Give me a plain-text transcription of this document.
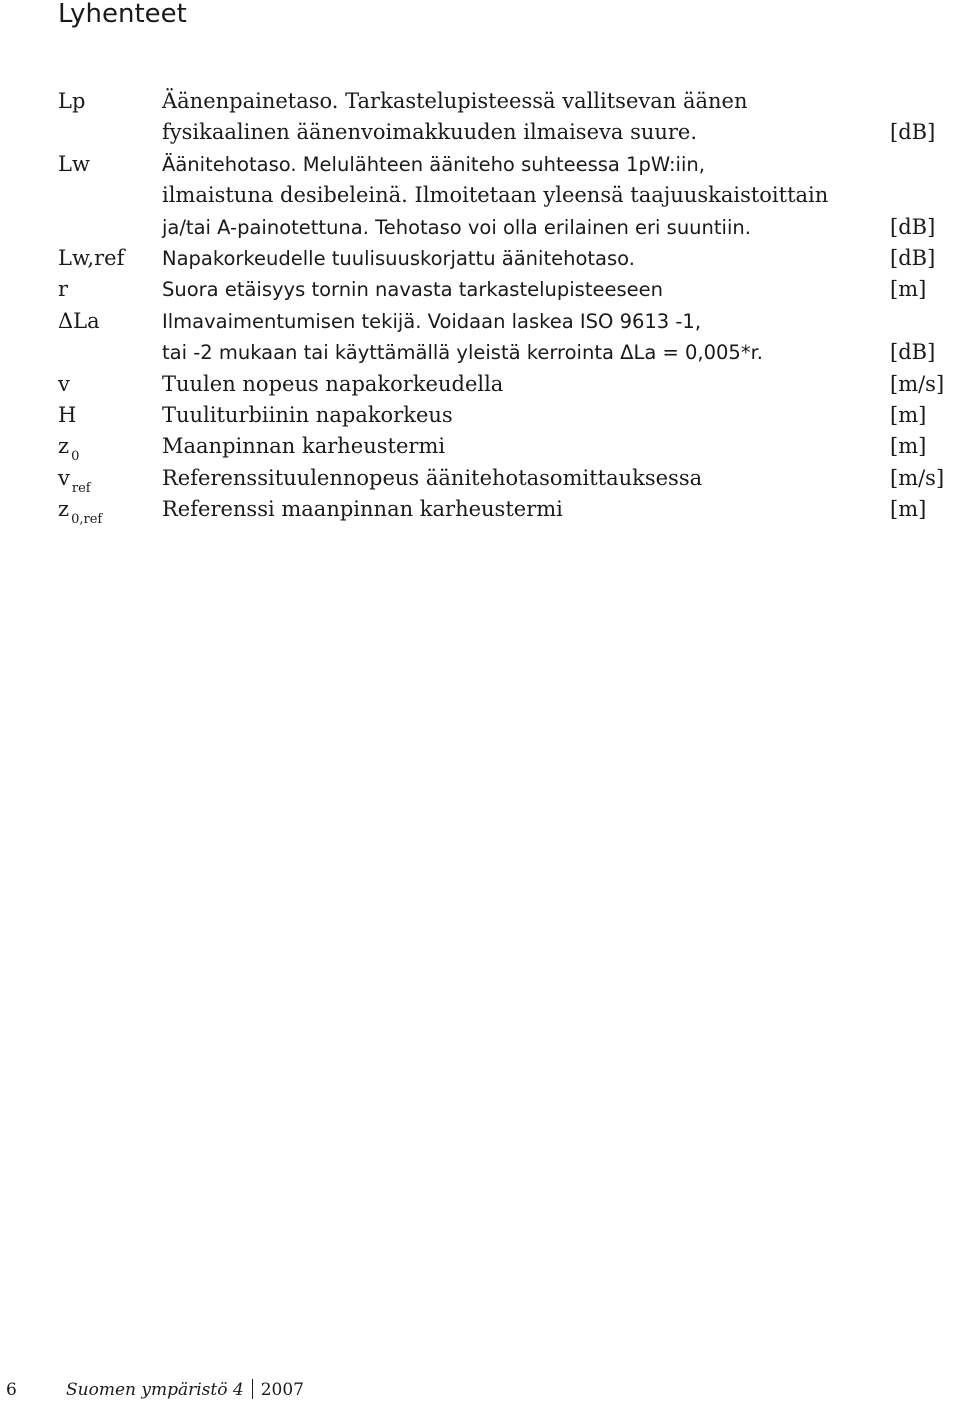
Lyhenteet
Lp	Äänenpainetaso. Tarkastelupisteessä vallitsevan äänen
fysikaalinen äänenvoimakkuuden ilmaiseva suure.	[dB]
Lw	Äänitehotaso. Melulähteen ääniteho suhteessa 1pW:iin,
ilmaistuna desibeleinä. Ilmoitetaan yleensä taajuuskaistoittain
ja/tai A-painotettuna. Tehotaso voi olla erilainen eri suuntiin.	[dB]
Lw,ref	Napakorkeudelle tuulisuuskorjattu äänitehotaso.	[dB]
r	Suora etäisyys tornin navasta tarkastelupisteeseen	[m]
ΔLa	Ilmavaimentumisen tekijä. Voidaan laskea ISO 9613 -1,
tai -2 mukaan tai käyttämällä yleistä kerrointa ΔLa = 0,005*r.	[dB]
v	Tuulen nopeus napakorkeudella	[m/s]
H	Tuuliturbiinin napakorkeus	[m]
z $_0$	Maanpinnan karheustermi	[m]
v $_{ref}$	Referenssituulennopeus äänitehotasomittauksessa	[m/s]
z $_{0,ref}$	Referenssi maanpinnan karheustermi	[m]
6	Suomen ympäristö 4 2007
